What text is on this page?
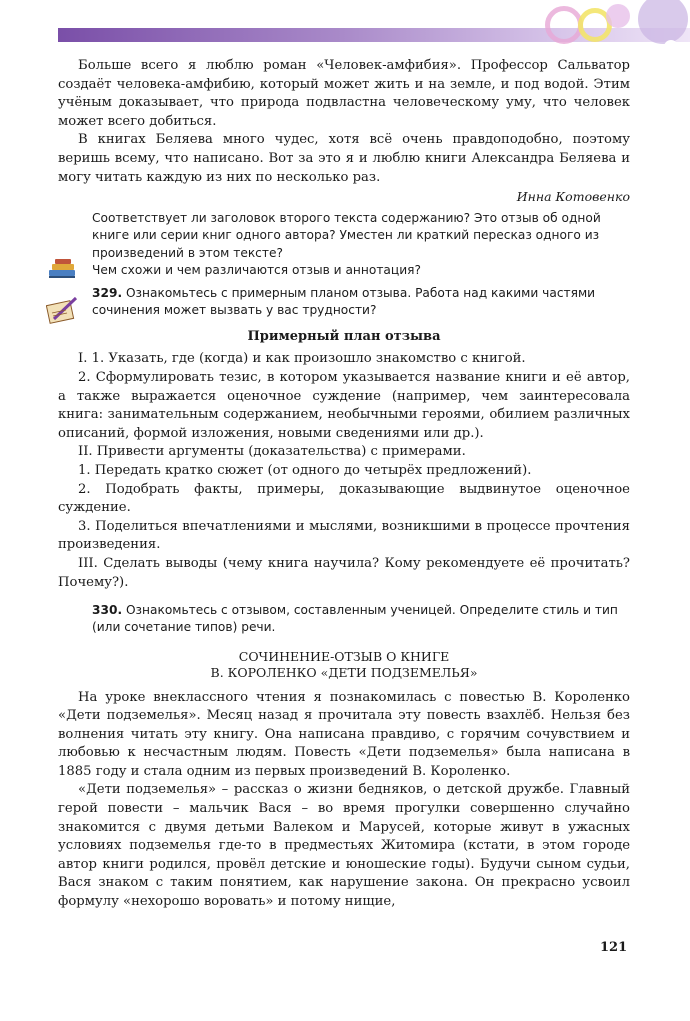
Больше всего я люблю роман «Человек-амфибия». Профессор Сальватор создаёт человека-амфибию, который может жить и на земле, и под водой. Этим учёным доказывает, что природа подвластна человеческому уму, что человек может всего добиться.

В книгах Беляева много чудес, хотя всё очень правдоподобно, поэтому веришь всему, что написано. Вот за это я и люблю книги Александра Беляева и могу читать каждую из них по несколько раз.

Инна Котовенко

Соответствует ли заголовок второго текста содержанию? Это отзыв об одной книге или серии книг одного автора? Уместен ли краткий пересказ одного из произведений в этом тексте?

Чем схожи и чем различаются отзыв и аннотация?

329. Ознакомьтесь с примерным планом отзыва. Работа над какими частями сочинения может вызвать у вас трудности?

Примерный план отзыва

I. 1. Указать, где (когда) и как произошло знакомство с книгой.

2. Сформулировать тезис, в котором указывается название книги и её автор, а также выражается оценочное суждение (например, чем заинтересовала книга: занимательным содержанием, необычными героями, обилием различных описаний, формой изложения, новыми сведениями или др.).

II. Привести аргументы (доказательства) с примерами.

1. Передать кратко сюжет (от одного до четырёх предложений).

2. Подобрать факты, примеры, доказывающие выдвинутое оценочное суждение.

3. Поделиться впечатлениями и мыслями, возникшими в процессе прочтения произведения.

III. Сделать выводы (чему книга научила? Кому рекомендуете её прочитать? Почему?).

330. Ознакомьтесь с отзывом, составленным ученицей. Определите стиль и тип (или сочетание типов) речи.

СОЧИНЕНИЕ-ОТЗЫВ О КНИГЕ
В. КОРОЛЕНКО «ДЕТИ ПОДЗЕМЕЛЬЯ»

На уроке внеклассного чтения я познакомилась с повестью В. Короленко «Дети подземелья». Месяц назад я прочитала эту повесть взахлёб. Нельзя без волнения читать эту книгу. Она написана правдиво, с горячим сочувствием и любовью к несчастным людям. Повесть «Дети подземелья» была написана в 1885 году и стала одним из первых произведений В. Короленко.

«Дети подземелья» – рассказ о жизни бедняков, о детской дружбе. Главный герой повести – мальчик Вася – во время прогулки совершенно случайно знакомится с двумя детьми Валеком и Марусей, которые живут в ужасных условиях подземелья где-то в предместьях Житомира (кстати, в этом городе автор книги родился, провёл детские и юношеские годы). Будучи сыном судьи, Вася знаком с таким понятием, как нарушение закона. Он прекрасно усвоил формулу «нехорошо воровать» и потому нищие,

121
